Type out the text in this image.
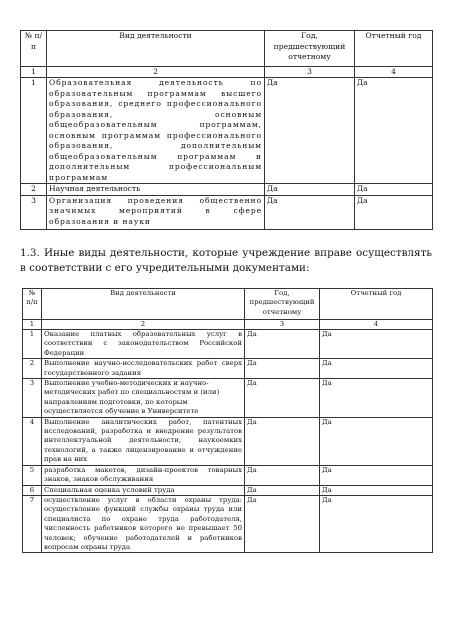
№ п/п	Вид деятельности	Год, предшествующий отчетному	Отчетный год
1	2	3	4
1	Образовательная деятельность по образовательным программам высшего образования, среднего профессионального образования, основным общеобразовательным программам, основным программам профессионального образования, дополнительным общеобразовательным программам и дополнительным профессиональным программам	Да	Да
2	Научная деятельность	Да	Да
3	Организация проведения общественно значимых мероприятий в сфере образования и науки	Да	Да
1.3. Иные виды деятельности, которые учреждение вправе осуществлять в соответствии с его учредительными документами:
№ п/п	Вид деятельности	Год, предшествующий отчетному	Отчетный год
1	2	3	4
1	Оказание платных образовательных услуг в соответствии с законодательством Российской Федерации	Да	Да
2	Выполнение научно-исследовательских работ сверх государственного задания	Да	Да
3	Выполнение учебно-методических и научно-методических работ по специальностям и (или) направлениям подготовки, по которым осуществляется обучение в Университете	Да	Да
4	Выполнение аналитических работ, патентных исследований, разработка и внедрение результатов интеллектуальной деятельности, наукоемких технологий, а также лицензирование и отчуждение прав на них	Да	Да
5	разработка макетов, дизайн-проектов товарных знаков, знаков обслуживания	Да	Да
6	Специальная оценка условий труда	Да	Да
7	осуществление услуг в области охраны труда: осуществление функций службы охраны труда или специалиста по охране труда работодателя, численность работников которого не превышает 50 человек; обучение работодателей и работников вопросам охраны труда	Да	Да
